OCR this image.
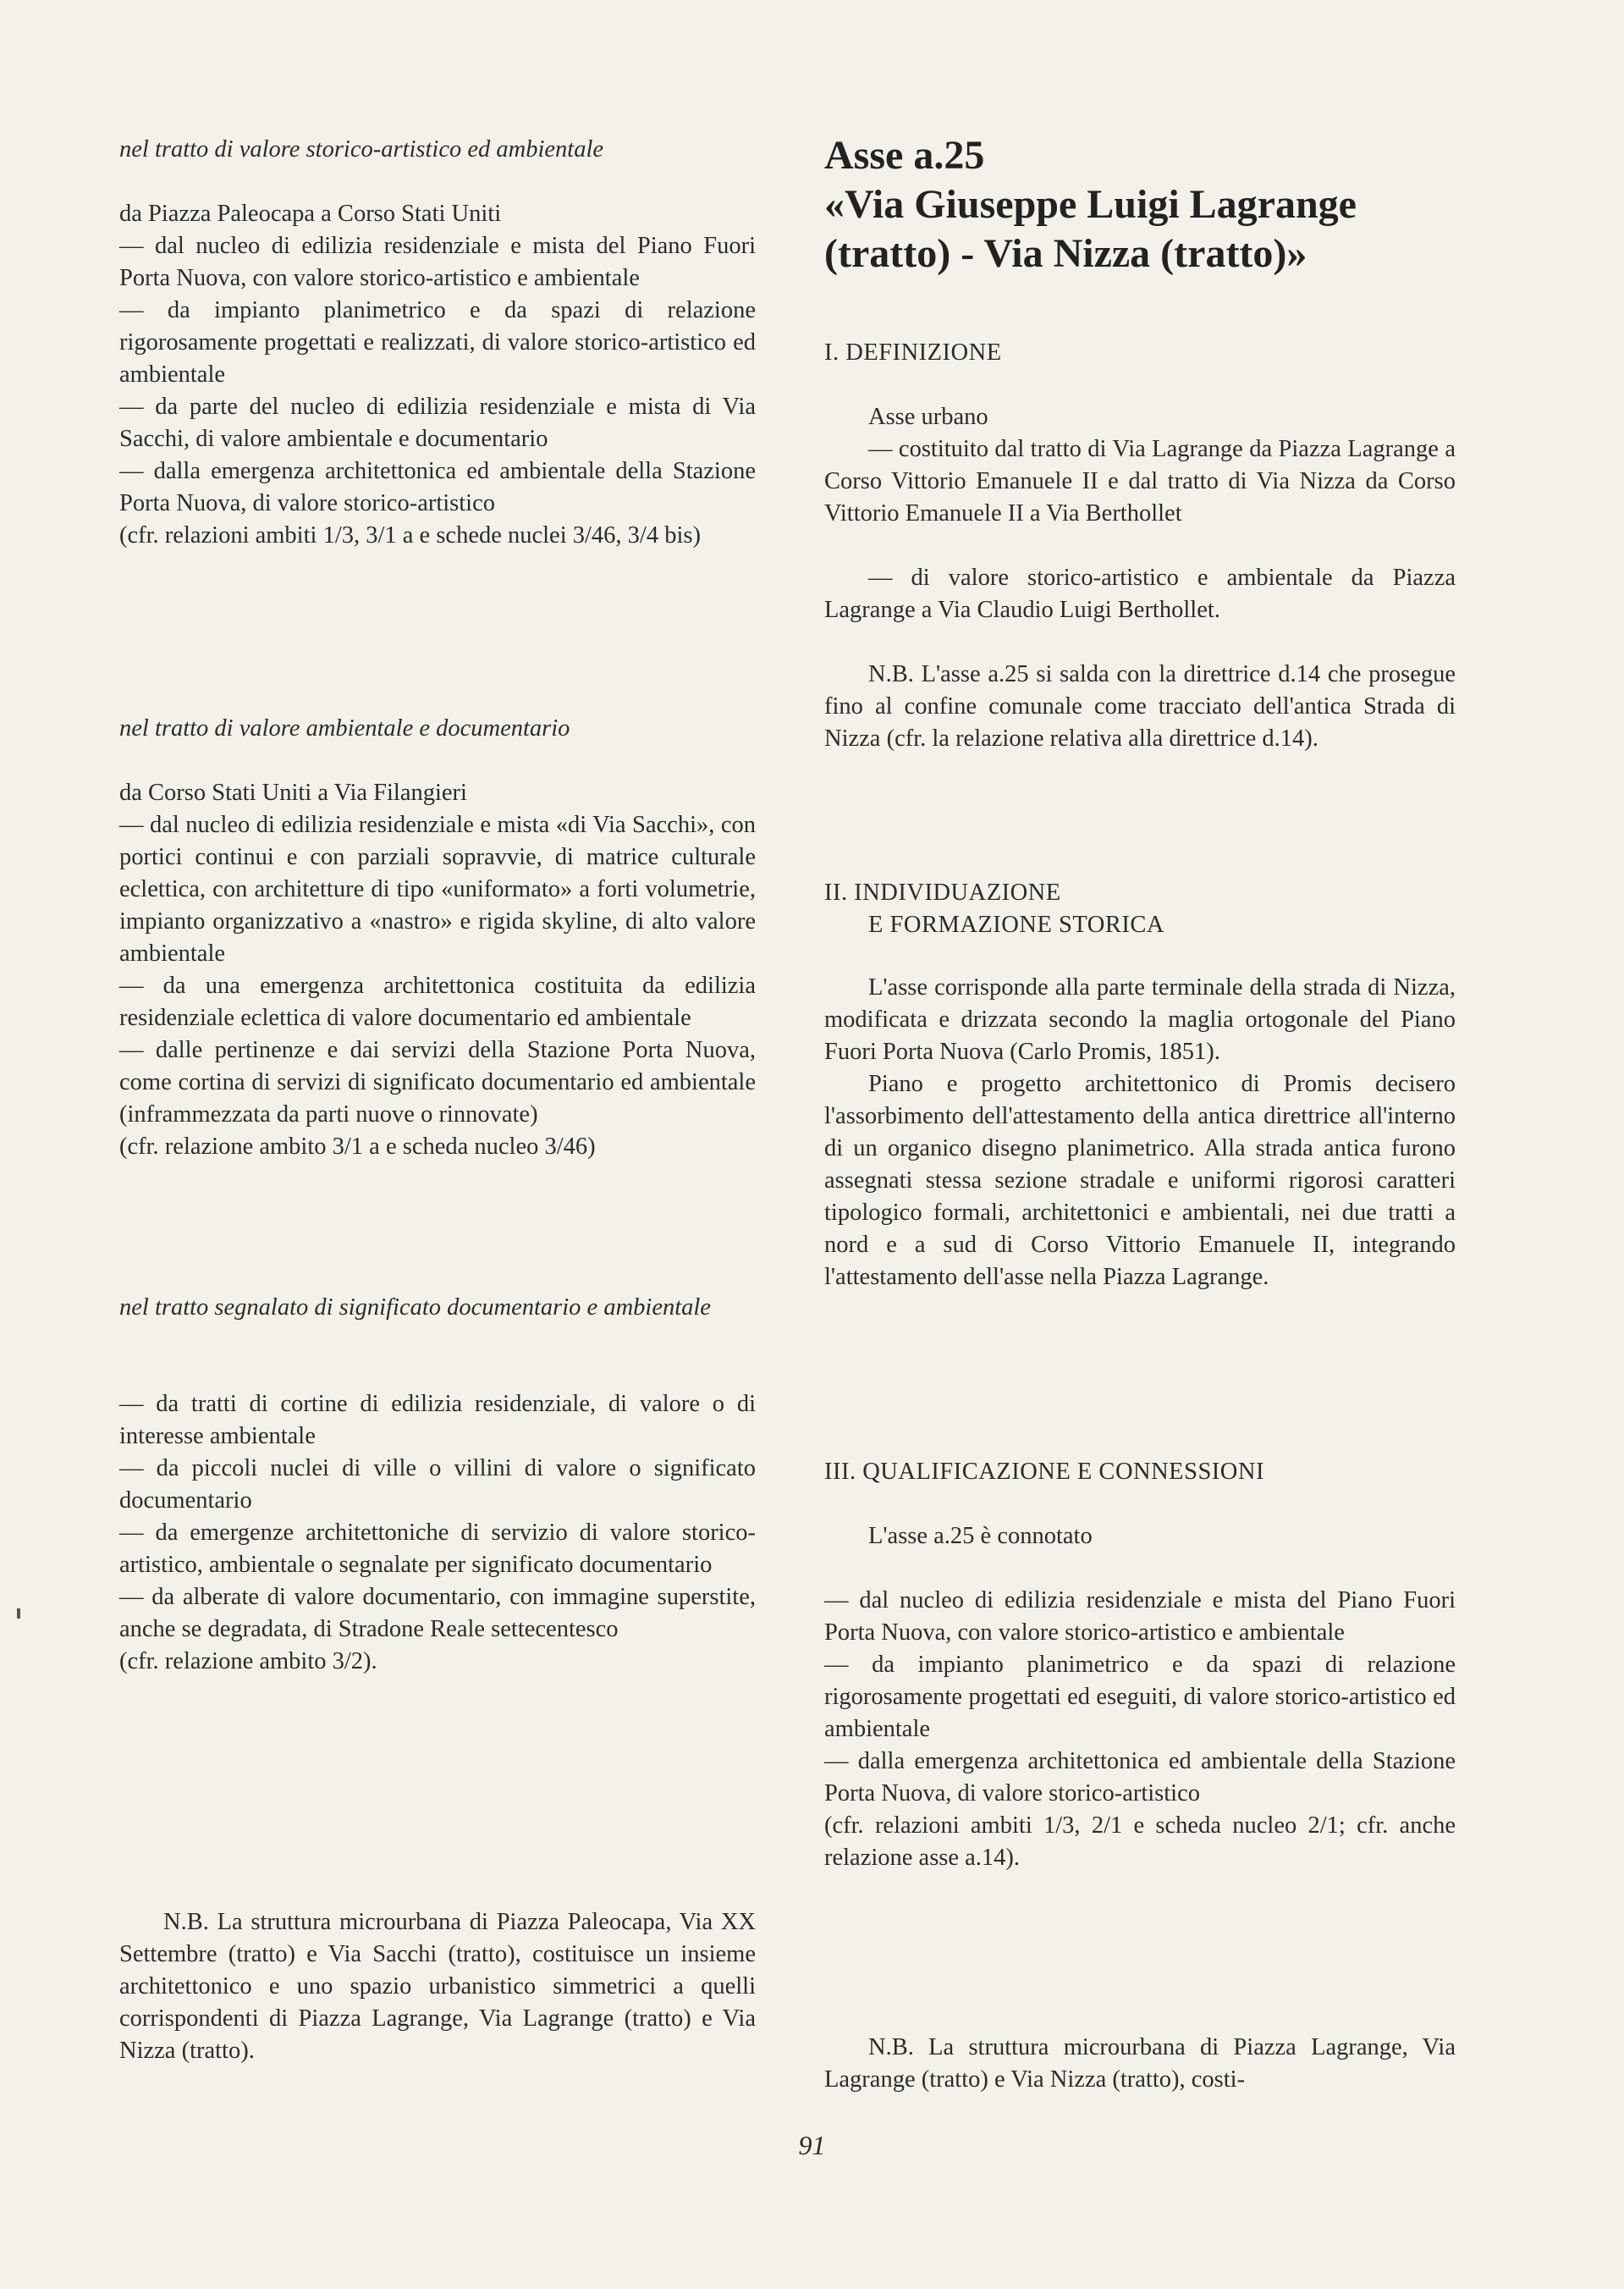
nel tratto di valore storico-artistico ed ambientale

da Piazza Paleocapa a Corso Stati Uniti

— dal nucleo di edilizia residenziale e mista del Piano Fuori Porta Nuova, con valore storico-artistico e ambientale

— da impianto planimetrico e da spazi di relazione rigorosamente progettati e realizzati, di valore storico-artistico ed ambientale

— da parte del nucleo di edilizia residenziale e mista di Via Sacchi, di valore ambientale e documentario

— dalla emergenza architettonica ed ambientale della Stazione Porta Nuova, di valore storico-artistico

(cfr. relazioni ambiti 1/3, 3/1 a e schede nuclei 3/46, 3/4 bis)

nel tratto di valore ambientale e documentario

da Corso Stati Uniti a Via Filangieri

— dal nucleo di edilizia residenziale e mista «di Via Sacchi», con portici continui e con parziali sopravvie, di matrice culturale eclettica, con architetture di tipo «uniformato» a forti volumetrie, impianto organizzativo a «nastro» e rigida skyline, di alto valore ambientale

— da una emergenza architettonica costituita da edilizia residenziale eclettica di valore documentario ed ambientale

— dalle pertinenze e dai servizi della Stazione Porta Nuova, come cortina di servizi di significato documentario ed ambientale (inframmezzata da parti nuove o rinnovate)

(cfr. relazione ambito 3/1 a e scheda nucleo 3/46)

nel tratto segnalato di significato documentario e ambientale

— da tratti di cortine di edilizia residenziale, di valore o di interesse ambientale

— da piccoli nuclei di ville o villini di valore o significato documentario

— da emergenze architettoniche di servizio di valore storico-artistico, ambientale o segnalate per significato documentario

— da alberate di valore documentario, con immagine superstite, anche se degradata, di Stradone Reale settecentesco

(cfr. relazione ambito 3/2).

N.B. La struttura microurbana di Piazza Paleocapa, Via XX Settembre (tratto) e Via Sacchi (tratto), costituisce un insieme architettonico e uno spazio urbanistico simmetrici a quelli corrispondenti di Piazza Lagrange, Via Lagrange (tratto) e Via Nizza (tratto).
Asse a.25
«Via Giuseppe Luigi Lagrange
(tratto) - Via Nizza (tratto)»
I. DEFINIZIONE

Asse urbano

— costituito dal tratto di Via Lagrange da Piazza Lagrange a Corso Vittorio Emanuele II e dal tratto di Via Nizza da Corso Vittorio Emanuele II a Via Berthollet

— di valore storico-artistico e ambientale da Piazza Lagrange a Via Claudio Luigi Berthollet.

N.B. L'asse a.25 si salda con la direttrice d.14 che prosegue fino al confine comunale come tracciato dell'antica Strada di Nizza (cfr. la relazione relativa alla direttrice d.14).

II. INDIVIDUAZIONE
E FORMAZIONE STORICA

L'asse corrisponde alla parte terminale della strada di Nizza, modificata e drizzata secondo la maglia ortogonale del Piano Fuori Porta Nuova (Carlo Promis, 1851).

Piano e progetto architettonico di Promis decisero l'assorbimento dell'attestamento della antica direttrice all'interno di un organico disegno planimetrico. Alla strada antica furono assegnati stessa sezione stradale e uniformi rigorosi caratteri tipologico formali, architettonici e ambientali, nei due tratti a nord e a sud di Corso Vittorio Emanuele II, integrando l'attestamento dell'asse nella Piazza Lagrange.

III. QUALIFICAZIONE E CONNESSIONI

L'asse a.25 è connotato

— dal nucleo di edilizia residenziale e mista del Piano Fuori Porta Nuova, con valore storico-artistico e ambientale

— da impianto planimetrico e da spazi di relazione rigorosamente progettati ed eseguiti, di valore storico-artistico ed ambientale

— dalla emergenza architettonica ed ambientale della Stazione Porta Nuova, di valore storico-artistico

(cfr. relazioni ambiti 1/3, 2/1 e scheda nucleo 2/1; cfr. anche relazione asse a.14).

N.B. La struttura microurbana di Piazza Lagrange, Via Lagrange (tratto) e Via Nizza (tratto), costi-
91
